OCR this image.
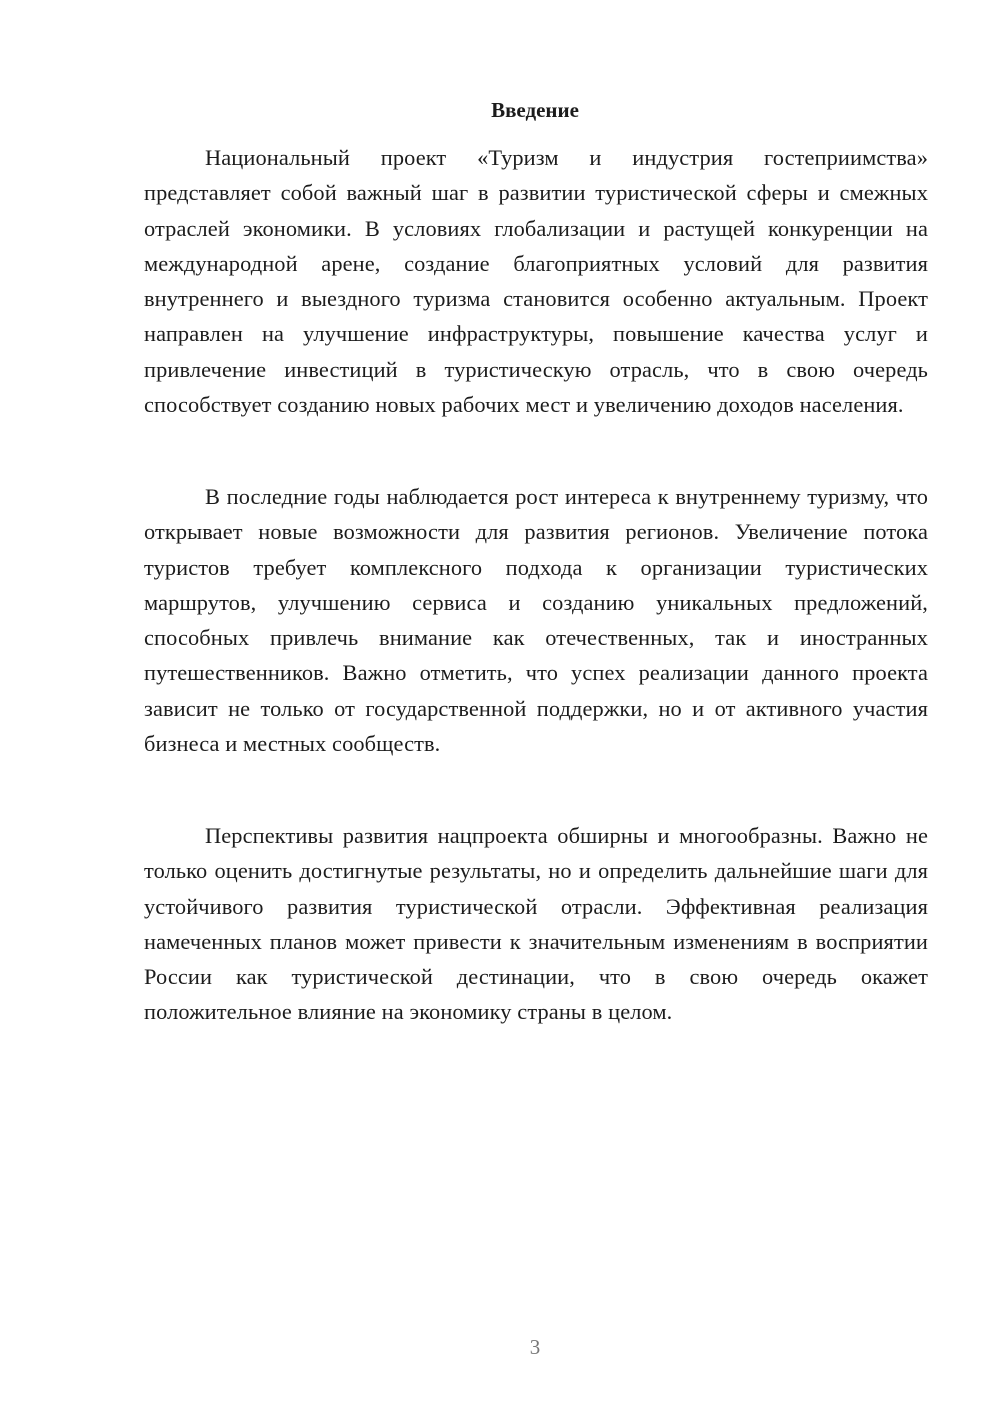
Введение

Национальный проект «Туризм и индустрия гостеприимства» представляет собой важный шаг в развитии туристической сферы и смежных отраслей экономики. В условиях глобализации и растущей конкуренции на международной арене, создание благоприятных условий для развития внутреннего и выездного туризма становится особенно актуальным. Проект направлен на улучшение инфраструктуры, повышение качества услуг и привлечение инвестиций в туристическую отрасль, что в свою очередь способствует созданию новых рабочих мест и увеличению доходов населения.

В последние годы наблюдается рост интереса к внутреннему туризму, что открывает новые возможности для развития регионов. Увеличение потока туристов требует комплексного подхода к организации туристических маршрутов, улучшению сервиса и созданию уникальных предложений, способных привлечь внимание как отечественных, так и иностранных путешественников. Важно отметить, что успех реализации данного проекта зависит не только от государственной поддержки, но и от активного участия бизнеса и местных сообществ.

Перспективы развития нацпроекта обширны и многообразны. Важно не только оценить достигнутые результаты, но и определить дальнейшие шаги для устойчивого развития туристической отрасли. Эффективная реализация намеченных планов может привести к значительным изменениям в восприятии России как туристической дестинации, что в свою очередь окажет положительное влияние на экономику страны в целом.

3
